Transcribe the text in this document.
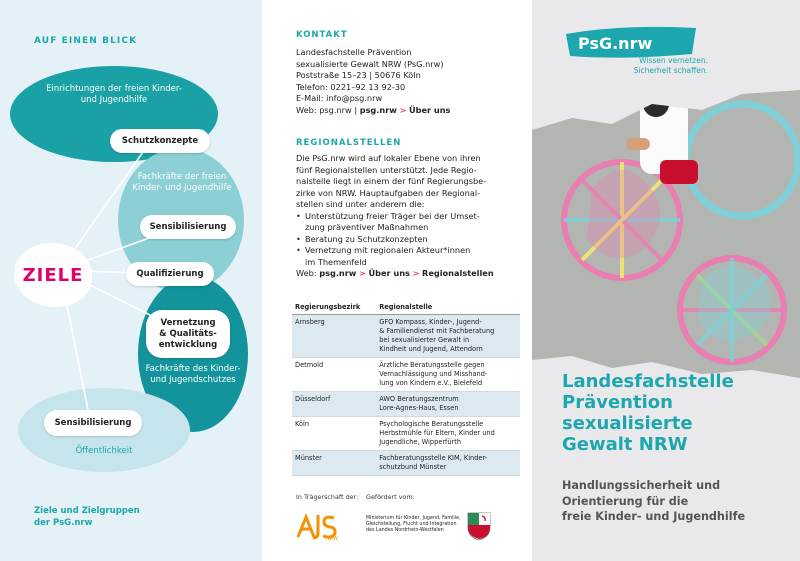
AUF EINEN BLICK
Einrichtungen der freien Kinder- und Jugendhilfe
Fachkräfte der freien Kinder- und Jugendhilfe
Fachkräfte des Kinder- und Jugendschutzes
Öffentlichkeit
ZIELE
Schutzkonzepte
Sensibilisierung
Qualifizierung
Vernetzung
& Qualitäts-
entwicklung
Sensibilisierung
Ziele und Zielgruppen
der PsG.nrw
KONTAKT
Landesfachstelle Prävention
sexualisierte Gewalt NRW (PsG.nrw)
Poststraße 15–23 | 50676 Köln
Telefon: 0221–92 13 92-30
E-Mail: info@psg.nrw
Web: psg.nrw | psg.nrw > Über uns
REGIONALSTELLEN
Die PsG.nrw wird auf lokaler Ebene von ihren
fünf Regionalstellen unterstützt. Jede Regio-
nalstelle liegt in einem der fünf Regierungsbe-
zirke von NRW. Hauptaufgaben der Regional-
stellen sind unter anderem die:
• Unterstützung freier Träger bei der Umset-
zung präventiver Maßnahmen
• Beratung zu Schutzkonzepten
• Vernetzung mit regionalen Akteur*innen
im Themenfeld
Web: psg.nrw > Über uns > Regionalstellen
Regierungsbezirk	Regionalstelle
Arnsberg	GFO Kompass, Kinder-, Jugend-
& Familiendienst mit Fachberatung
bei sexualisierter Gewalt in
Kindheit und Jugend, Attendorn

Detmold	Ärztliche Beratungsstelle gegen
Vernachlässigung und Misshand-
lung von Kindern e.V., Bielefeld

Düsseldorf	AWO Beratungszentrum
Lore-Agnes-Haus, Essen

Köln	Psychologische Beratungsstelle
Herbstmühle für Eltern, Kinder und
Jugendliche, Wipperfürth

Münster	Fachberatungsstelle KIM, Kinder-
schutzbund Münster
In Trägerschaft der: Gefördert vom:
NRW
Ministerium für Kinder, Jugend, Familie,
Gleichstellung, Flucht und Integration
des Landes Nordrhein-Westfalen
PsG.nrw
Wissen vernetzen.
Sicherheit schaffen.
Landesfachstelle
Prävention
sexualisierte
Gewalt NRW
Handlungssicherheit und
Orientierung für die
freie Kinder- und Jugendhilfe
